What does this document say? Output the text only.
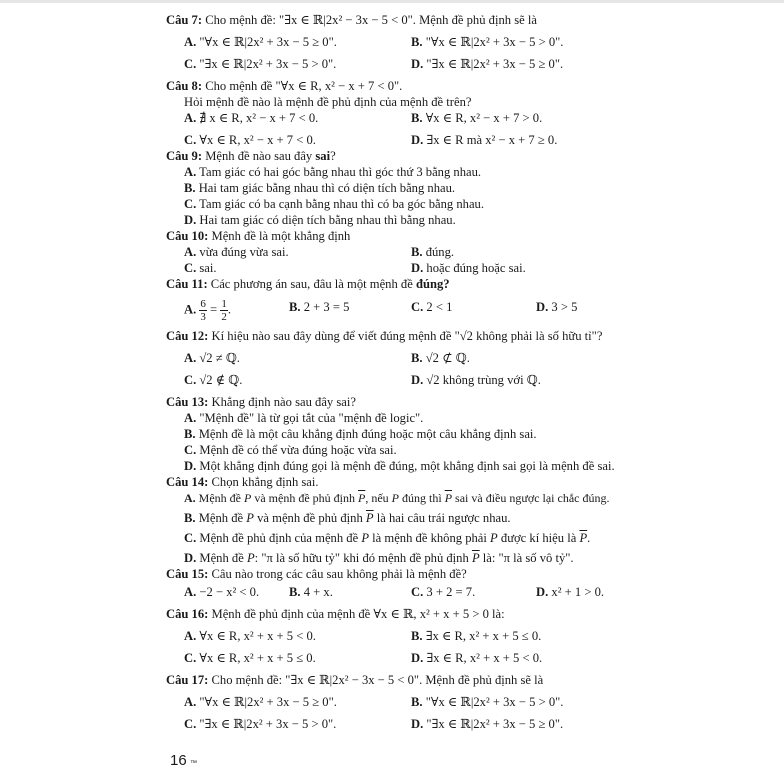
Câu 7: Cho mệnh đề: "∃x ∈ ℝ|2x² − 3x − 5 < 0". Mệnh đề phủ định sẽ là
A. "∀x ∈ ℝ|2x² + 3x − 5 ≥ 0".	B. "∀x ∈ ℝ|2x² + 3x − 5 > 0".
C. "∃x ∈ ℝ|2x² + 3x − 5 > 0".	D. "∃x ∈ ℝ|2x² + 3x − 5 ≥ 0".
Câu 8: Cho mệnh đề "∀x ∈ R, x² − x + 7 < 0".
Hỏi mệnh đề nào là mệnh đề phủ định của mệnh đề trên?
A. ∄ x ∈ R, x² − x + 7 < 0.	B. ∀x ∈ R, x² − x + 7 > 0.
C. ∀x ∈ R, x² − x + 7 < 0.	D. ∃x ∈ R mà x² − x + 7 ≥ 0.
Câu 9: Mệnh đề nào sau đây sai?
A. Tam giác có hai góc bằng nhau thì góc thứ 3 bằng nhau.
B. Hai tam giác bằng nhau thì có diện tích bằng nhau.
C. Tam giác có ba cạnh bằng nhau thì có ba góc bằng nhau.
D. Hai tam giác có diện tích bằng nhau thì bằng nhau.
Câu 10: Mệnh đề là một khẳng định
A. vừa đúng vừa sai.	B. đúng.
C. sai.	D. hoặc đúng hoặc sai.
Câu 11: Các phương án sau, đâu là một mệnh đề đúng?
A. $\frac{6}{3} = \frac{1}{2}$ .	B. 2 + 3 = 5	C. 2 < 1	D. 3 > 5
Câu 12: Kí hiệu nào sau đây dùng để viết đúng mệnh đề "√2 không phải là số hữu tỉ"?
A. √2 ≠ ℚ.	B. √2 ⊄ ℚ.
C. √2 ∉ ℚ.	D. √2 không trùng với ℚ.
Câu 13: Khẳng định nào sau đây sai?
A. "Mệnh đề" là từ gọi tắt của "mệnh đề logic".
B. Mệnh đề là một câu khẳng định đúng hoặc một câu khẳng định sai.
C. Mệnh đề có thể vừa đúng hoặc vừa sai.
D. Một khẳng định đúng gọi là mệnh đề đúng, một khẳng định sai gọi là mệnh đề sai.
Câu 14: Chọn khẳng định sai.
A. Mệnh đề P và mệnh đề phủ định $\overline{P}$, nếu P đúng thì $\overline{P}$ sai và điều ngược lại chắc đúng.
B. Mệnh đề P và mệnh đề phủ định $\overline{P}$ là hai câu trái ngược nhau.
C. Mệnh đề phủ định của mệnh đề P là mệnh đề không phải P được kí hiệu là $\overline{P}$.
D. Mệnh đề P: "π là số hữu tỷ" khi đó mệnh đề phủ định $\overline{P}$ là: "π là số vô tỷ".
Câu 15: Câu nào trong các câu sau không phải là mệnh đề?
A. −2 − x² < 0. B. 4 + x.	C. 3 + 2 = 7.	D. x² + 1 > 0.
Câu 16: Mệnh đề phủ định của mệnh đề ∀x ∈ ℝ, x² + x + 5 > 0 là:
A. ∀x ∈ R, x² + x + 5 < 0.	B. ∃x ∈ R, x² + x + 5 ≤ 0.
C. ∀x ∈ R, x² + x + 5 ≤ 0.	D. ∃x ∈ R, x² + x + 5 < 0.
Câu 17: Cho mệnh đề: "∃x ∈ ℝ|2x² − 3x − 5 < 0". Mệnh đề phủ định sẽ là
A. "∀x ∈ ℝ|2x² + 3x − 5 ≥ 0".	B. "∀x ∈ ℝ|2x² + 3x − 5 > 0".
C. "∃x ∈ ℝ|2x² + 3x − 5 > 0".	D. "∃x ∈ ℝ|2x² + 3x − 5 ≥ 0".
16 ™
